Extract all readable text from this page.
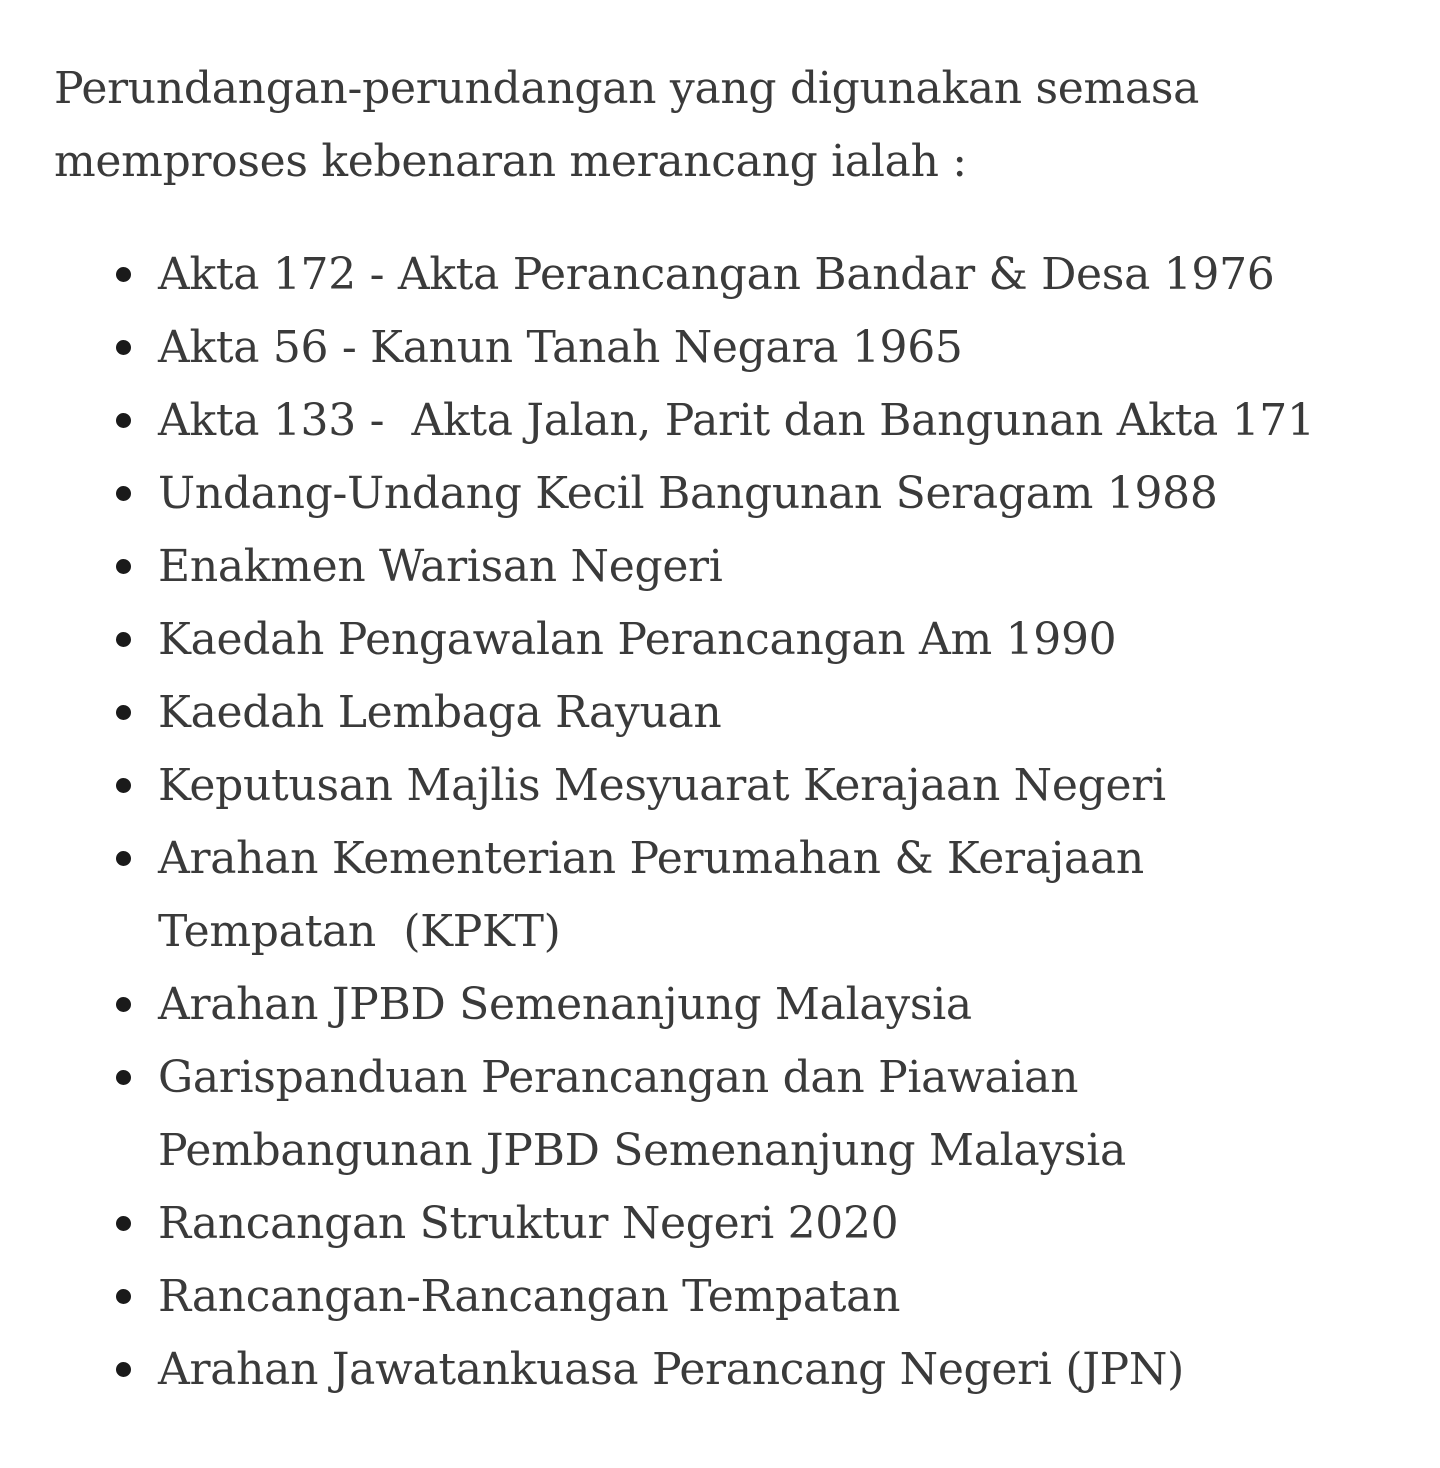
Perundangan-perundangan yang digunakan semasa
memproses kebenaran merancang ialah :

Akta 172 - Akta Perancangan Bandar & Desa 1976
Akta 56 - Kanun Tanah Negara 1965
Akta 133 -  Akta Jalan, Parit dan Bangunan Akta 171
Undang-Undang Kecil Bangunan Seragam 1988
Enakmen Warisan Negeri
Kaedah Pengawalan Perancangan Am 1990
Kaedah Lembaga Rayuan
Keputusan Majlis Mesyuarat Kerajaan Negeri
Arahan Kementerian Perumahan & Kerajaan
Tempatan  (KPKT)
Arahan JPBD Semenanjung Malaysia
Garispanduan Perancangan dan Piawaian
Pembangunan JPBD Semenanjung Malaysia
Rancangan Struktur Negeri 2020
Rancangan-Rancangan Tempatan
Arahan Jawatankuasa Perancang Negeri (JPN)
